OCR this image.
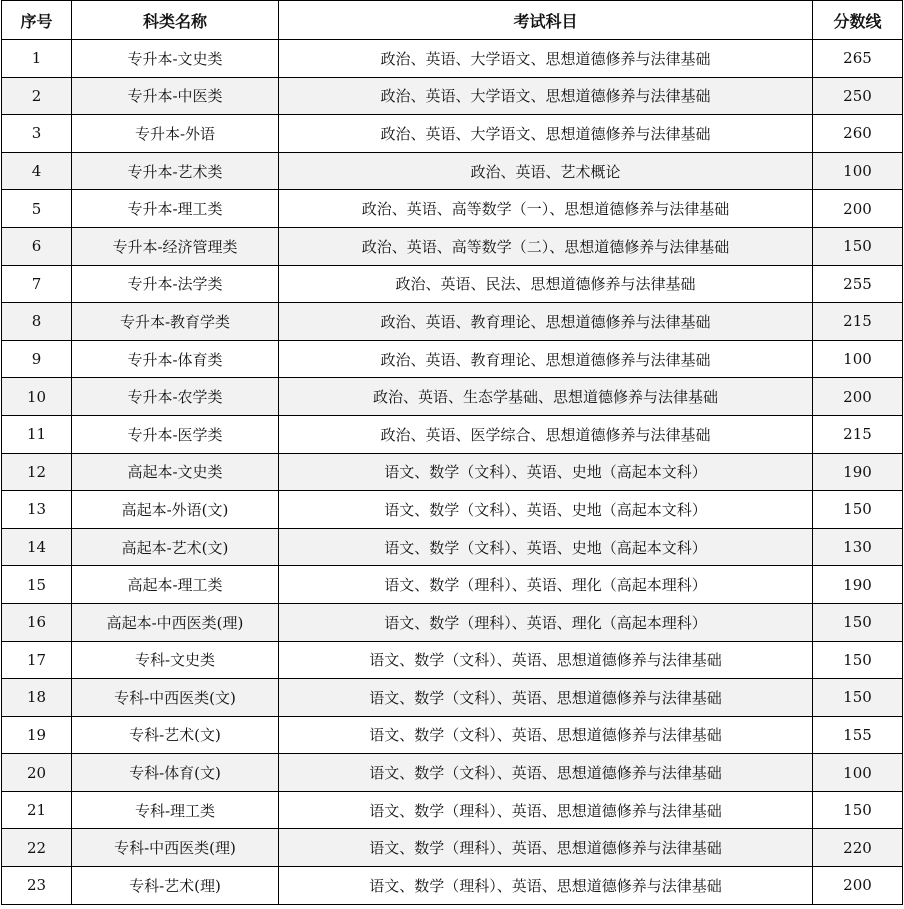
序号	科类名称	考试科目	分数线
1	专升本-文史类	政治、英语、大学语文、思想道德修养与法律基础	265
2	专升本-中医类	政治、英语、大学语文、思想道德修养与法律基础	250
3	专升本-外语	政治、英语、大学语文、思想道德修养与法律基础	260
4	专升本-艺术类	政治、英语、艺术概论	100
5	专升本-理工类	政治、英语、高等数学（一）、思想道德修养与法律基础	200
6	专升本-经济管理类	政治、英语、高等数学（二）、思想道德修养与法律基础	150
7	专升本-法学类	政治、英语、民法、思想道德修养与法律基础	255
8	专升本-教育学类	政治、英语、教育理论、思想道德修养与法律基础	215
9	专升本-体育类	政治、英语、教育理论、思想道德修养与法律基础	100
10	专升本-农学类	政治、英语、生态学基础、思想道德修养与法律基础	200
11	专升本-医学类	政治、英语、医学综合、思想道德修养与法律基础	215
12	高起本-文史类	语文、数学（文科）、英语、史地（高起本文科）	190
13	高起本-外语(文)	语文、数学（文科）、英语、史地（高起本文科）	150
14	高起本-艺术(文)	语文、数学（文科）、英语、史地（高起本文科）	130
15	高起本-理工类	语文、数学（理科）、英语、理化（高起本理科）	190
16	高起本-中西医类(理)	语文、数学（理科）、英语、理化（高起本理科）	150
17	专科-文史类	语文、数学（文科）、英语、思想道德修养与法律基础	150
18	专科-中西医类(文)	语文、数学（文科）、英语、思想道德修养与法律基础	150
19	专科-艺术(文)	语文、数学（文科）、英语、思想道德修养与法律基础	155
20	专科-体育(文)	语文、数学（文科）、英语、思想道德修养与法律基础	100
21	专科-理工类	语文、数学（理科）、英语、思想道德修养与法律基础	150
22	专科-中西医类(理)	语文、数学（理科）、英语、思想道德修养与法律基础	220
23	专科-艺术(理)	语文、数学（理科）、英语、思想道德修养与法律基础	200
